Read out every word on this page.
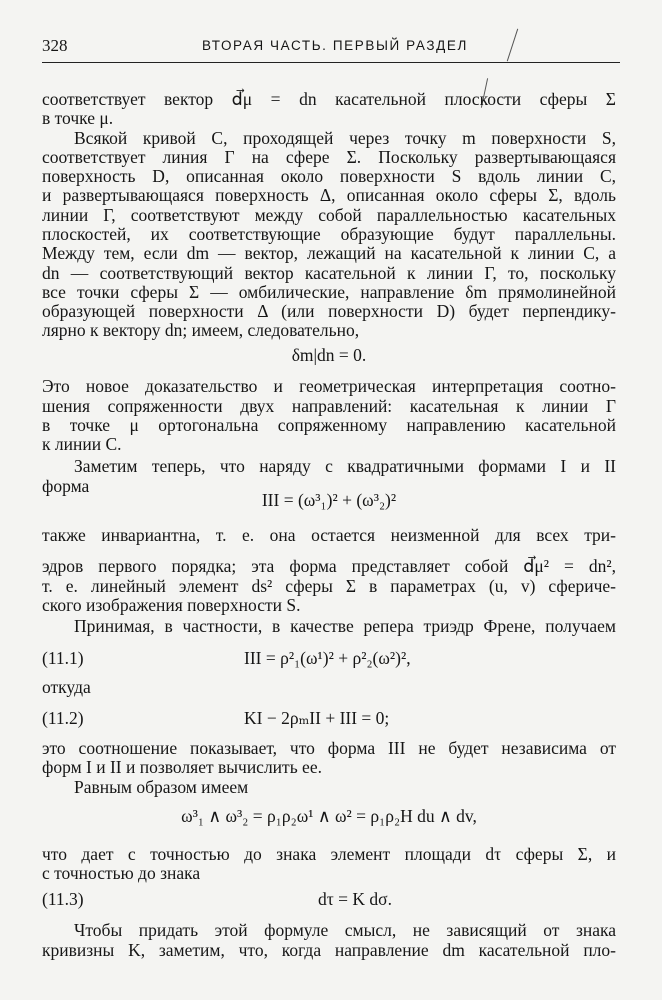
328	ВТОРАЯ ЧАСТЬ. ПЕРВЫЙ РАЗДЕЛ
соответствует вектор d⃗μ = dn касательной плоскости сферы Σ
в точке μ.
Всякой кривой C, проходящей через точку m поверхности S,
соответствует линия Γ на сфере Σ. Поскольку развертывающаяся
поверхность D, описанная около поверхности S вдоль линии C,
и развертывающаяся поверхность Δ, описанная около сферы Σ, вдоль
линии Γ, соответствуют между собой параллельностью касательных
плоскостей, их соответствующие образующие будут параллельны.
Между тем, если dm — вектор, лежащий на касательной к линии C, а
dn — соответствующий вектор касательной к линии Γ, то, поскольку
все точки сферы Σ — омбилические, направление δm прямолинейной
образующей поверхности Δ (или поверхности D) будет перпендику-
лярно к вектору dn; имеем, следовательно,
δm|dn = 0.
Это новое доказательство и геометрическая интерпретация соотно-
шения сопряженности двух направлений: касательная к линии Γ
в точке μ ортогональна сопряженному направлению касательной
к линии C.
Заметим теперь, что наряду с квадратичными формами I и II
форма
III = (ω³₁)² + (ω³₂)²
также инвариантна, т. е. она остается неизменной для всех три-
эдров первого порядка; эта форма представляет собой d⃗μ² = dn²,
т. е. линейный элемент ds² сферы Σ в параметрах (u, v) сфериче-
ского изображения поверхности S.
Принимая, в частности, в качестве репера триэдр Френе, получаем
(11.1)	III = ρ²₁(ω¹)² + ρ²₂(ω²)²,
откуда
(11.2)	KI − 2ρₘII + III = 0;
это соотношение показывает, что форма III не будет независима от
форм I и II и позволяет вычислить ее.
Равным образом имеем
ω³₁ ∧ ω³₂ = ρ₁ρ₂ω¹ ∧ ω² = ρ₁ρ₂H du ∧ dv,
что дает с точностью до знака элемент площади dτ сферы Σ, и
с точностью до знака
(11.3)	dτ = K dσ.
Чтобы придать этой формуле смысл, не зависящий от знака
кривизны K, заметим, что, когда направление dm касательной пло-
